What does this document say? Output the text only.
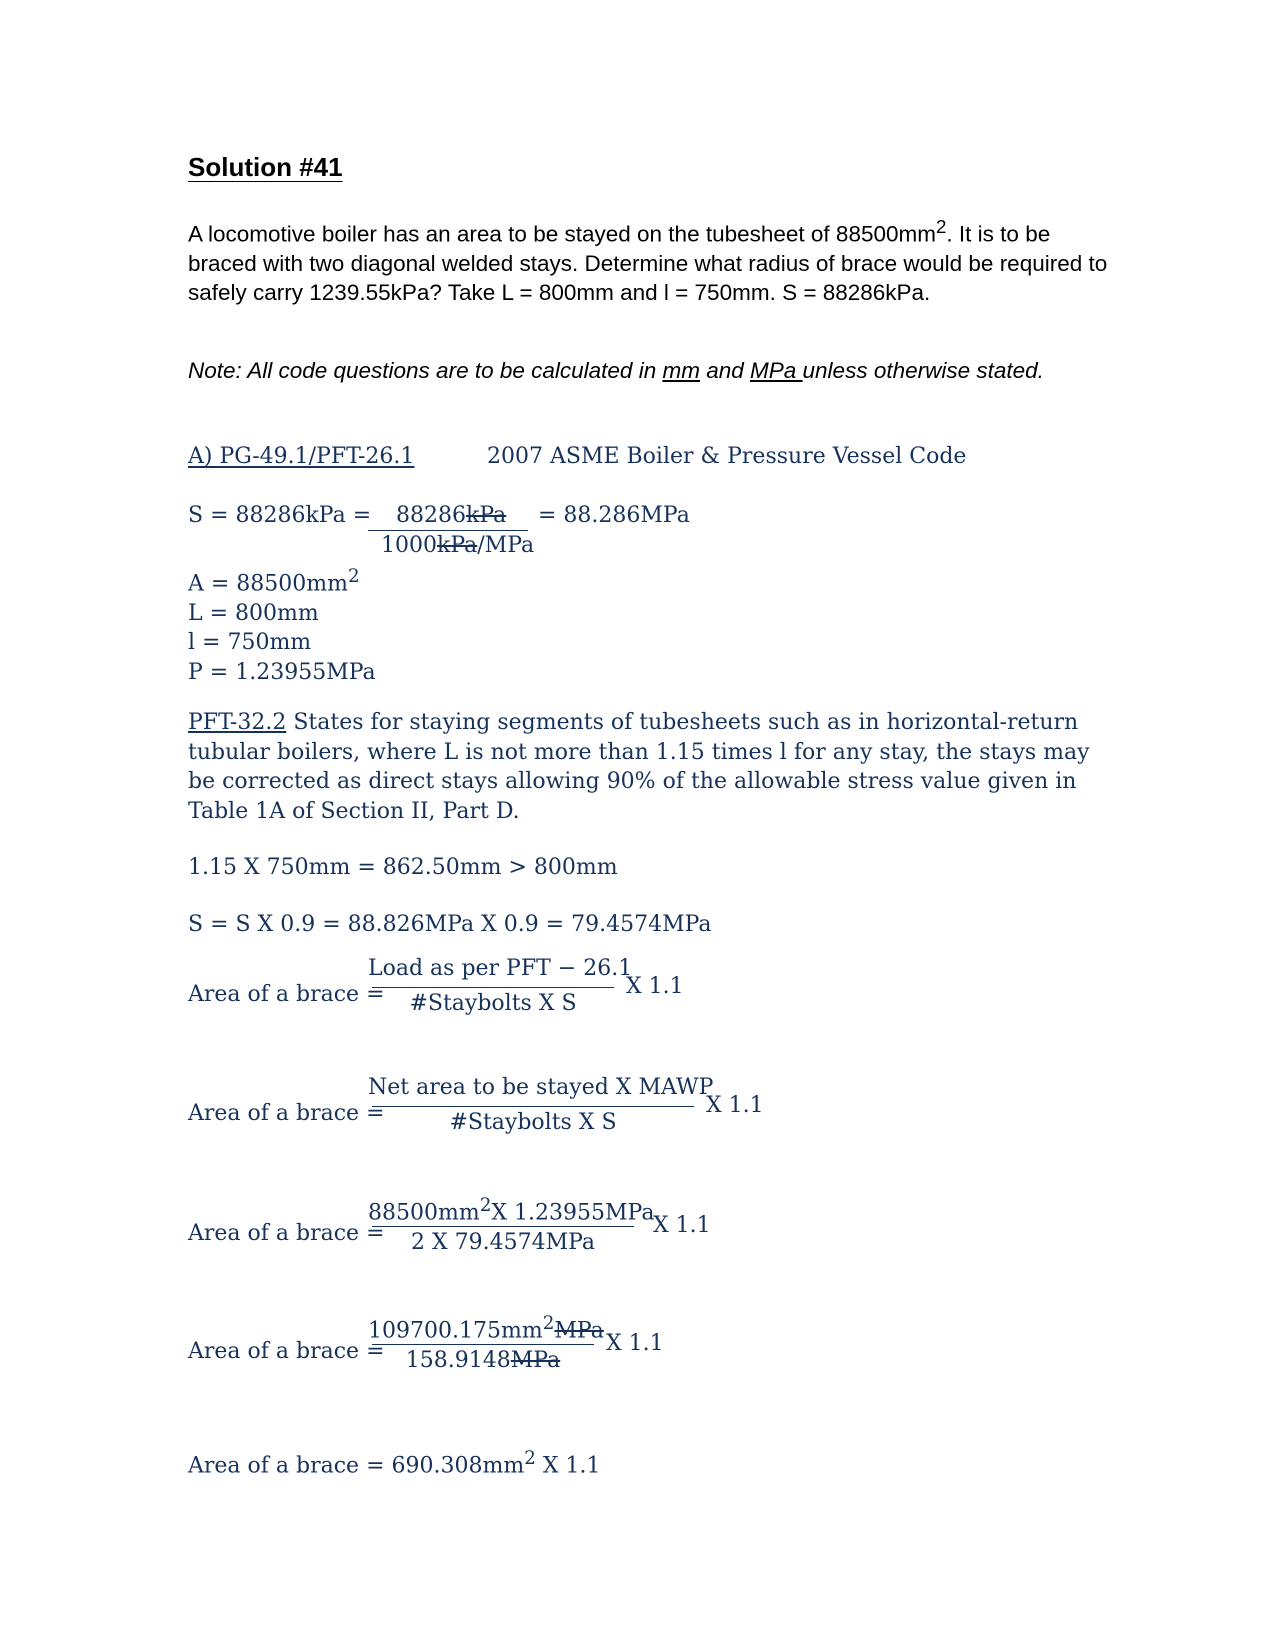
Solution #41
A locomotive boiler has an area to be stayed on the tubesheet of $88500mm^2$. It is to be braced with two diagonal welded stays. Determine what radius of brace would be required to safely carry 1239.55kPa? Take L = 800mm and l = 750mm. S = 88286kPa.
Note: All code questions are to be calculated in mm and MPa unless otherwise stated.
A) PG-49.1/PFT-26.1	2007 ASME Boiler & Pressure Vessel Code
S = 88286kPa = 88286kPa
1000kPa/MPa
= 88.286MPa
$A = 88500mm^2$
L = 800mm
l = 750mm
P = 1.23955MPa
PFT-32.2 States for staying segments of tubesheets such as in horizontal-return tubular boilers, where L is not more than 1.15 times l for any stay, the stays may be corrected as direct stays allowing 90% of the allowable stress value given in Table 1A of Section II, Part D.
1.15 X 750mm = 862.50mm > 800mm
S = S X 0.9 = 88.826MPa X 0.9 = 79.4574MPa
Area of a brace =
Load as per PFT − 26.1
#Staybolts X S
X 1.1
Area of a brace =
Net area to be stayed X MAWP
#Staybolts X S
X 1.1
Area of a brace =
$88500mm^2X$ 1.23955MPa
2 X 79.4574MPa
X 1.1
Area of a brace =
$109700.175mm^2MPa$
158.9148MPa
X 1.1
Area of a brace = $690.308mm^2$ X 1.1
